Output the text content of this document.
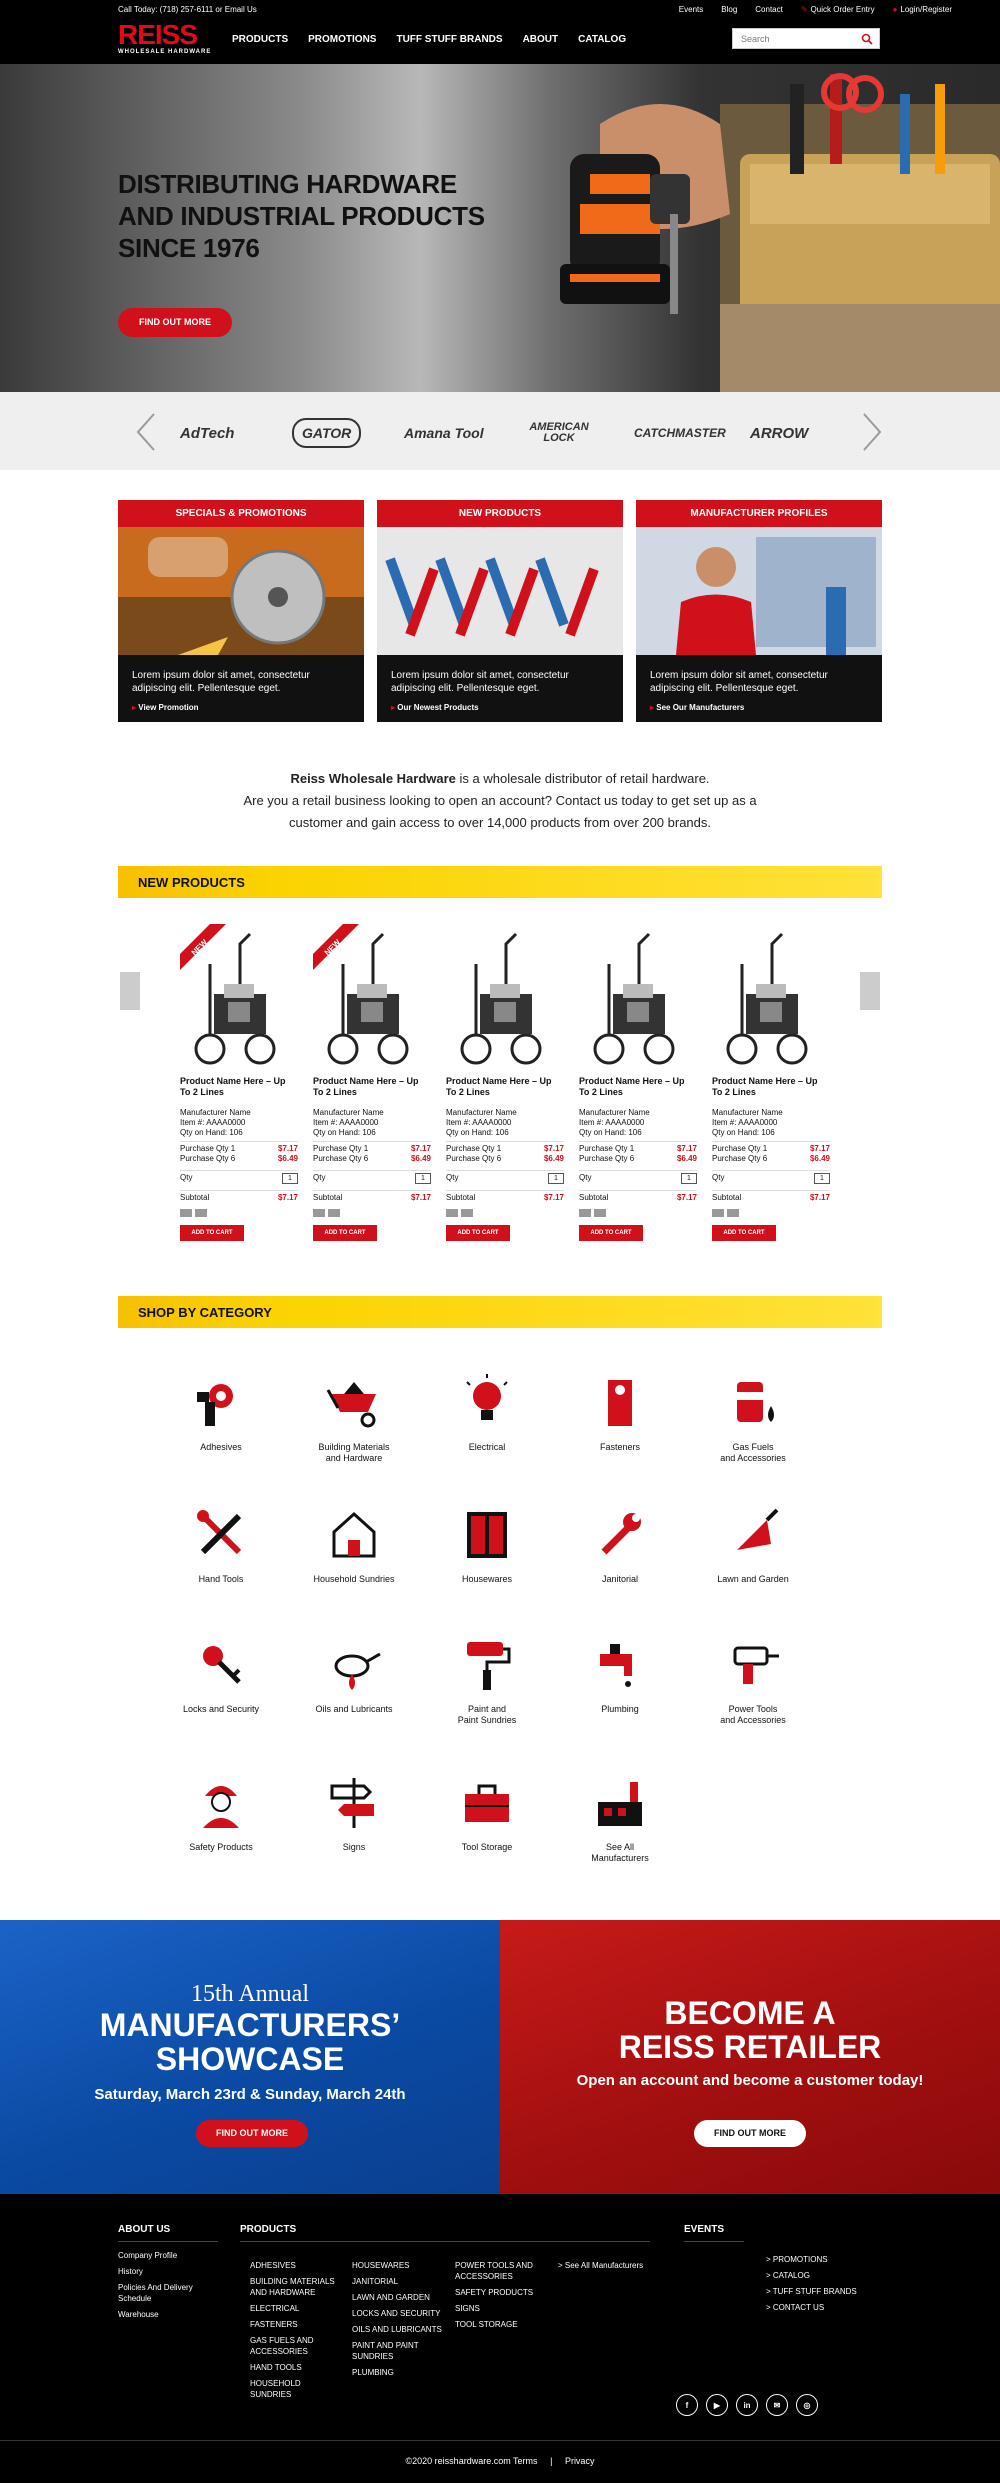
Call Today: (718) 257-6111 or Email Us	Events Blog Contact ✎ Quick Order Entry ● Login/Register
REISS
WHOLESALE HARDWARE
PRODUCTS PROMOTIONS TUFF STUFF BRANDS ABOUT CATALOG	Search
DISTRIBUTING HARDWARE
AND INDUSTRIAL PRODUCTS
SINCE 1976
FIND OUT MORE
AdTech	GATOR	Amana Tool	AMERICAN LOCK	CATCHMASTER ARROW
SPECIALS & PROMOTIONS
Lorem ipsum dolor sit amet, consectetur adipiscing elit. Pellentesque eget.
▸ View Promotion
NEW PRODUCTS
Lorem ipsum dolor sit amet, consectetur adipiscing elit. Pellentesque eget.
▸ Our Newest Products
MANUFACTURER PROFILES
Lorem ipsum dolor sit amet, consectetur adipiscing elit. Pellentesque eget.
▸ See Our Manufacturers
Reiss Wholesale Hardware is a wholesale distributor of retail hardware.
Are you a retail business looking to open an account? Contact us today to get set up as a
customer and gain access to over 14,000 products from over 200 brands.
NEW PRODUCTS
NEW
Product Name Here – Up To 2 Lines
Manufacturer Name
Item #: AAAA0000
Qty on Hand: 106
Purchase Qty 1	$7.17
Purchase Qty 6	$6.49
Qty	1
Subtotal	$7.17
ADD TO CART
NEW
Product Name Here – Up To 2 Lines
Manufacturer Name
Item #: AAAA0000
Qty on Hand: 106
Purchase Qty 1	$7.17
Purchase Qty 6	$6.49
Qty	1
Subtotal	$7.17
ADD TO CART
Product Name Here – Up To 2 Lines
Manufacturer Name
Item #: AAAA0000
Qty on Hand: 106
Purchase Qty 1	$7.17
Purchase Qty 6	$6.49
Qty	1
Subtotal	$7.17
ADD TO CART
Product Name Here – Up To 2 Lines
Manufacturer Name
Item #: AAAA0000
Qty on Hand: 106
Purchase Qty 1	$7.17
Purchase Qty 6	$6.49
Qty	1
Subtotal	$7.17
ADD TO CART
Product Name Here – Up To 2 Lines
Manufacturer Name
Item #: AAAA0000
Qty on Hand: 106
Purchase Qty 1	$7.17
Purchase Qty 6	$6.49
Qty	1
Subtotal	$7.17
ADD TO CART
SHOP BY CATEGORY
Adhesives	Building Materials
and Hardware
Electrical	Fasteners	Gas Fuels
and Accessories
Hand Tools	Household Sundries	Housewares	Janitorial	Lawn and Garden
Locks and Security	Oils and Lubricants	Paint and
Paint Sundries
Plumbing	Power Tools
and Accessories
Safety Products	Signs	Tool Storage	See All
Manufacturers
15th Annual
MANUFACTURERS’
SHOWCASE
Saturday, March 23rd & Sunday, March 24th
FIND OUT MORE
BECOME A
REISS RETAILER
Open an account and become a customer today!
FIND OUT MORE
ABOUT US
Company Profile
History
Policies And Delivery Schedule
Warehouse
PRODUCTS
ADHESIVES
BUILDING MATERIALS AND HARDWARE
ELECTRICAL
FASTENERS
GAS FUELS AND ACCESSORIES
HAND TOOLS
HOUSEHOLD SUNDRIES
HOUSEWARES
JANITORIAL
LAWN AND GARDEN
LOCKS AND SECURITY
OILS AND LUBRICANTS
PAINT AND PAINT SUNDRIES
PLUMBING
POWER TOOLS AND ACCESSORIES
SAFETY PRODUCTS
SIGNS
TOOL STORAGE
> See All Manufacturers
EVENTS
> PROMOTIONS
> CATALOG
> TUFF STUFF BRANDS
> CONTACT US
f	▶	in	✉	◎
©2020 reisshardware.com Terms | Privacy
